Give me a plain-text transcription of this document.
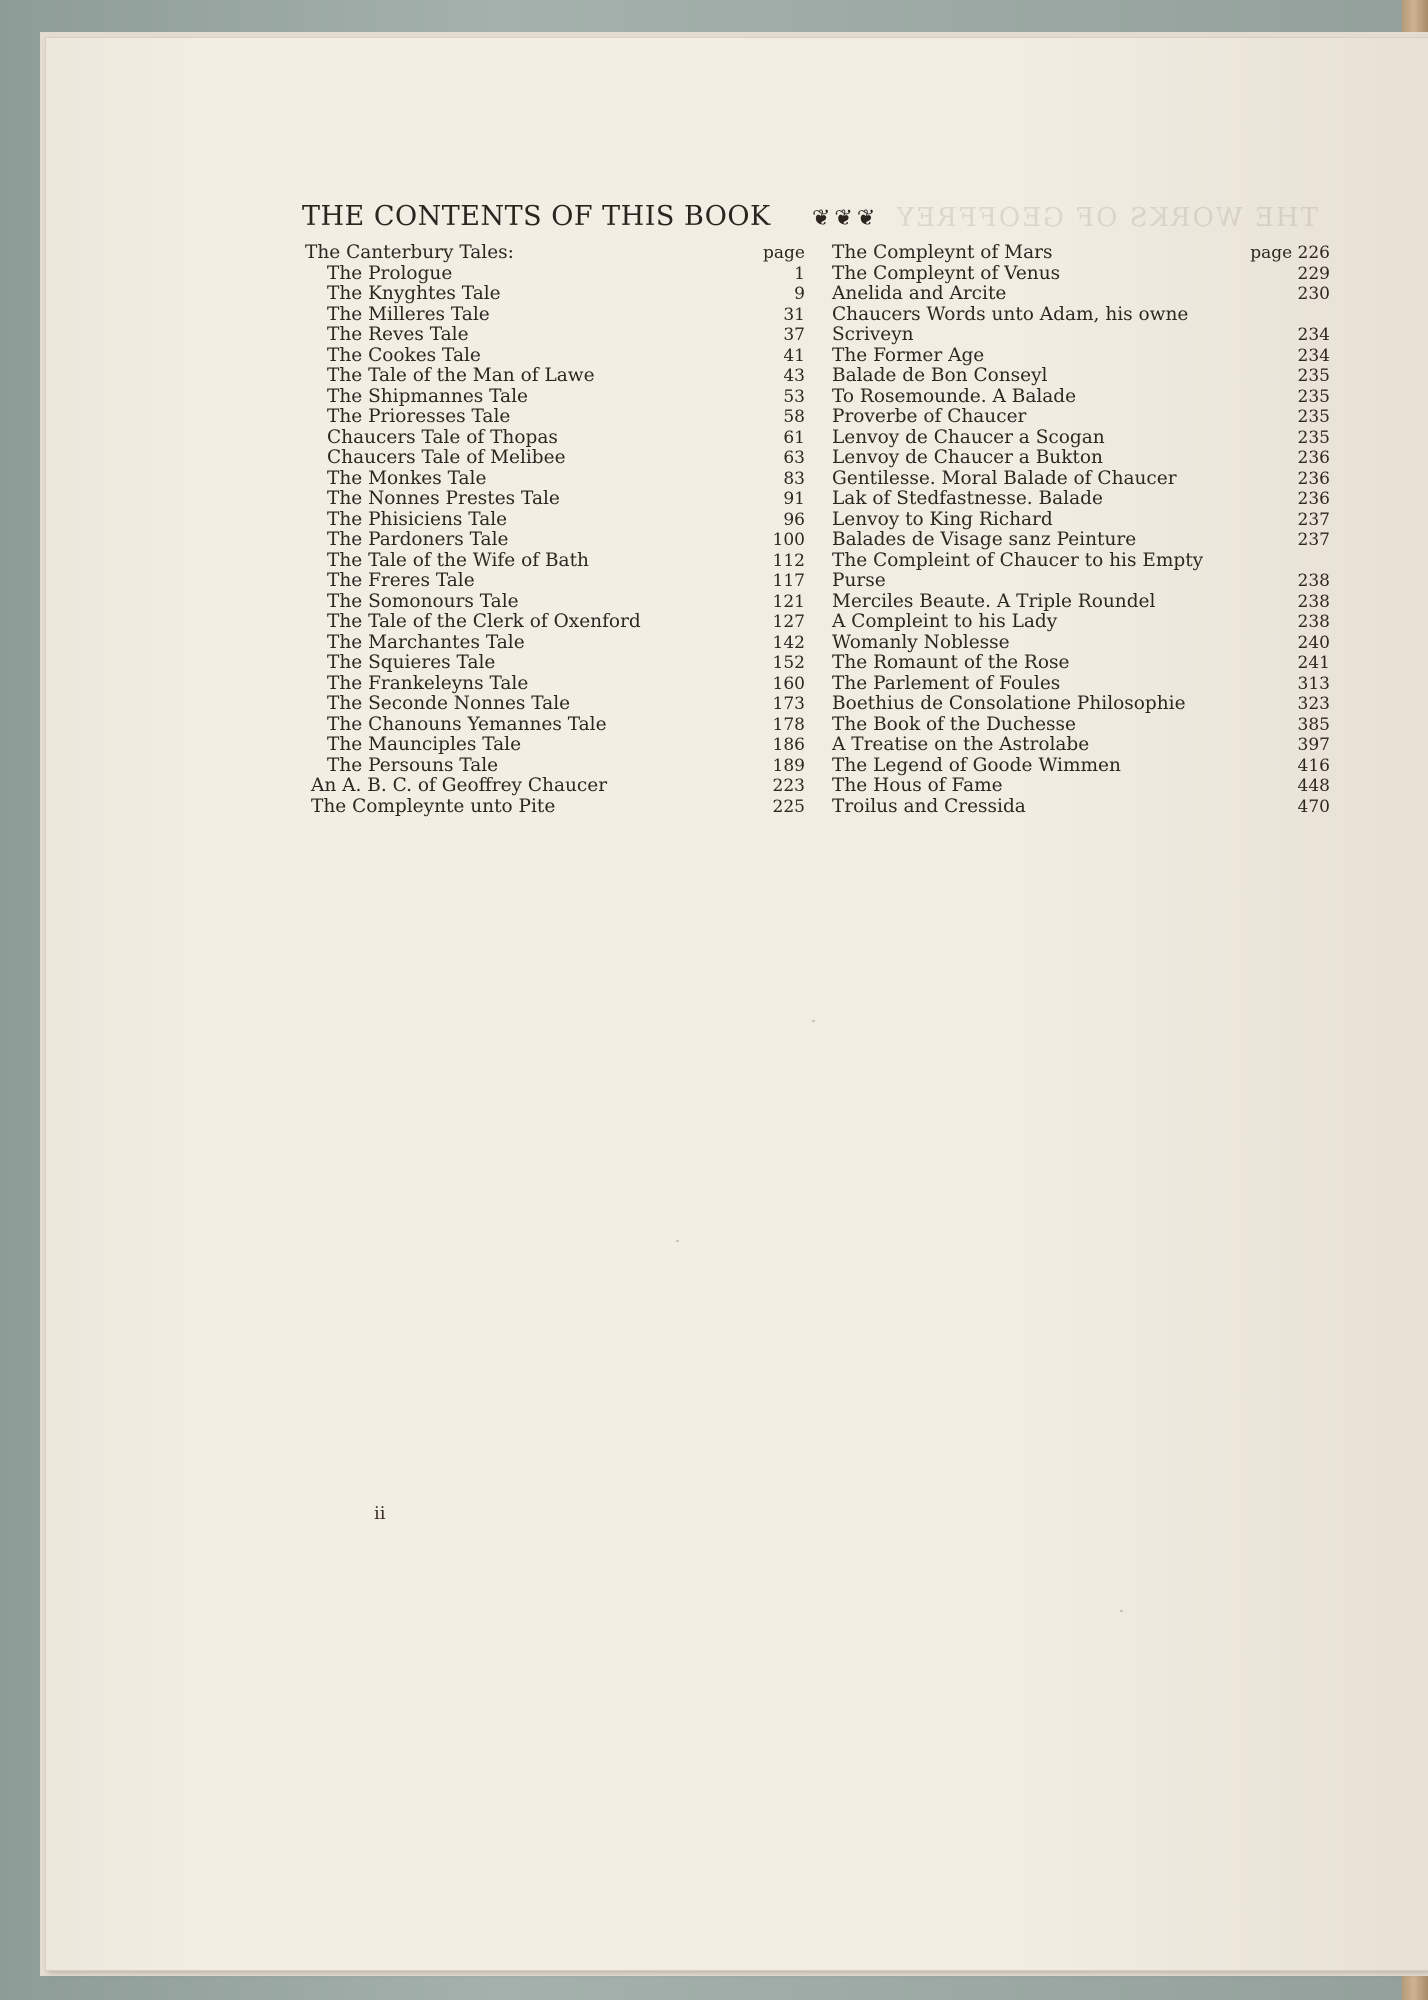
THE WORKS OF GEOFFREY
THE CONTENTS OF THIS BOOK ❦❦❦
The Canterbury Tales:	page
The Prologue	1
The Knyghtes Tale	9
The Milleres Tale	31
The Reves Tale	37
The Cookes Tale	41
The Tale of the Man of Lawe	43
The Shipmannes Tale	53
The Prioresses Tale	58
Chaucers Tale of Thopas	61
Chaucers Tale of Melibee	63
The Monkes Tale	83
The Nonnes Prestes Tale	91
The Phisiciens Tale	96
The Pardoners Tale	100
The Tale of the Wife of Bath	112
The Freres Tale	117
The Somonours Tale	121
The Tale of the Clerk of Oxenford	127
The Marchantes Tale	142
The Squieres Tale	152
The Frankeleyns Tale	160
The Seconde Nonnes Tale	173
The Chanouns Yemannes Tale	178
The Maunciples Tale	186
The Persouns Tale	189
An A. B. C. of Geoffrey Chaucer	223
The Compleynte unto Pite	225
The Compleynt of Mars	page 226
The Compleynt of Venus	229
Anelida and Arcite	230
Chaucers Words unto Adam, his owne
Scriveyn	234
The Former Age	234
Balade de Bon Conseyl	235
To Rosemounde. A Balade	235
Proverbe of Chaucer	235
Lenvoy de Chaucer a Scogan	235
Lenvoy de Chaucer a Bukton	236
Gentilesse. Moral Balade of Chaucer	236
Lak of Stedfastnesse. Balade	236
Lenvoy to King Richard	237
Balades de Visage sanz Peinture	237
The Compleint of Chaucer to his Empty
Purse	238
Merciles Beaute. A Triple Roundel	238
A Compleint to his Lady	238
Womanly Noblesse	240
The Romaunt of the Rose	241
The Parlement of Foules	313
Boethius de Consolatione Philosophie	323
The Book of the Duchesse	385
A Treatise on the Astrolabe	397
The Legend of Goode Wimmen	416
The Hous of Fame	448
Troilus and Cressida	470
ii
